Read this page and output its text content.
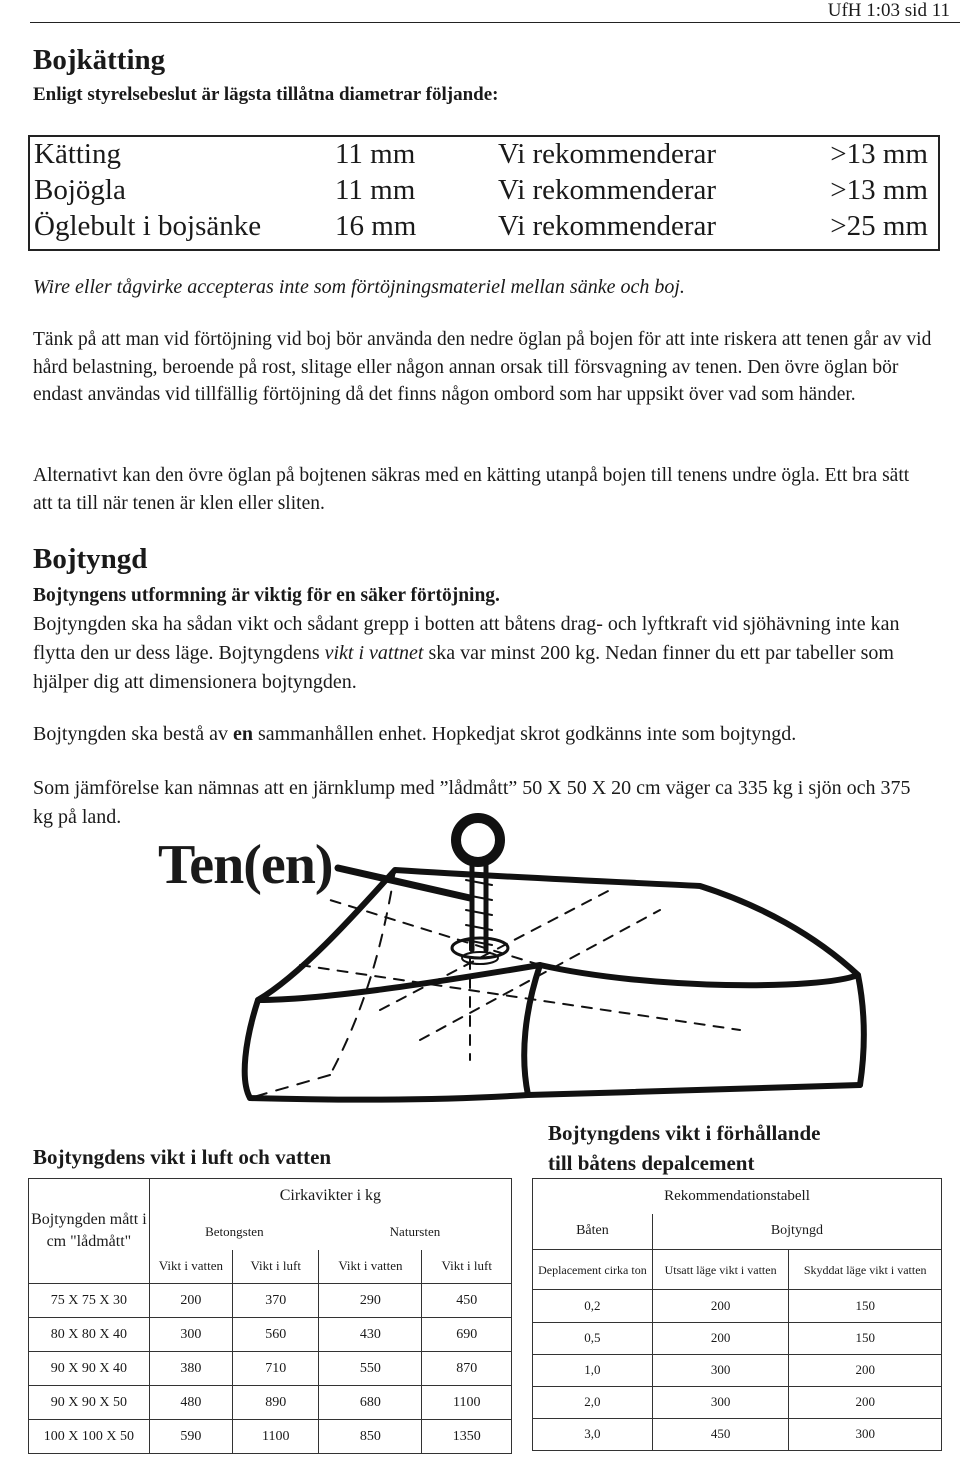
UfH 1:03 sid 11
Bojkätting
Enligt styrelsebeslut är lägsta tillåtna diametrar följande:
Kätting	11 mm	Vi rekommenderar	>13 mm
Bojögla	11 mm	Vi rekommenderar	>13 mm
Öglebult i bojsänke	16 mm	Vi rekommenderar	>25 mm
Wire eller tågvirke accepteras inte som förtöjningsmateriel mellan sänke och boj.

Tänk på att man vid förtöjning vid boj bör använda den nedre öglan på bojen för att inte riskera att tenen går av vid hård belastning, beroende på rost, slitage eller någon annan orsak till försvagning av tenen. Den övre öglan bör endast användas vid tillfällig förtöjning då det finns någon ombord som har uppsikt över vad som händer.

Alternativt kan den övre öglan på bojtenen säkras med en kätting utanpå bojen till tenens undre ögla. Ett bra sätt att ta till när tenen är klen eller sliten.

Bojtyngd
Bojtyngens utformning är viktig för en säker förtöjning.

Bojtyngden ska ha sådan vikt och sådant grepp i botten att båtens drag- och lyftkraft vid sjöhävning inte kan flytta den ur dess läge. Bojtyngdens vikt i vattnet ska var minst 200 kg. Nedan finner du ett par tabeller som hjälper dig att dimensionera bojtyngden.

Bojtyngden ska bestå av en sammanhållen enhet. Hopkedjat skrot godkänns inte som bojtyngd.

Som jämförelse kan nämnas att en järnklump med ”lådmått” 50 X 50 X 20 cm väger ca 335 kg i sjön och 375 kg på land.

Ten(en)
Bojtyngdens vikt i luft och vatten
Bojtyngden mått i cm "lådmått"	Cirkavikter i kg			
	Betongsten		Natursten	
	Vikt i vatten	Vikt i luft	Vikt i vatten	Vikt i luft
75 X 75 X 30	200	370	290	450
80 X 80 X 40	300	560	430	690
90 X 90 X 40	380	710	550	870
90 X 90 X 50	480	890	680	1100
100 X 100 X 50	590	1100	850	1350
Bojtyngdens vikt i förhållande
till båtens depalcement
Rekommendationstabell		
Båten	Bojtyngd	
Deplacement cirka ton	Utsatt läge vikt i vatten	Skyddat läge vikt i vatten
0,2	200	150
0,5	200	150
1,0	300	200
2,0	300	200
3,0	450	300
